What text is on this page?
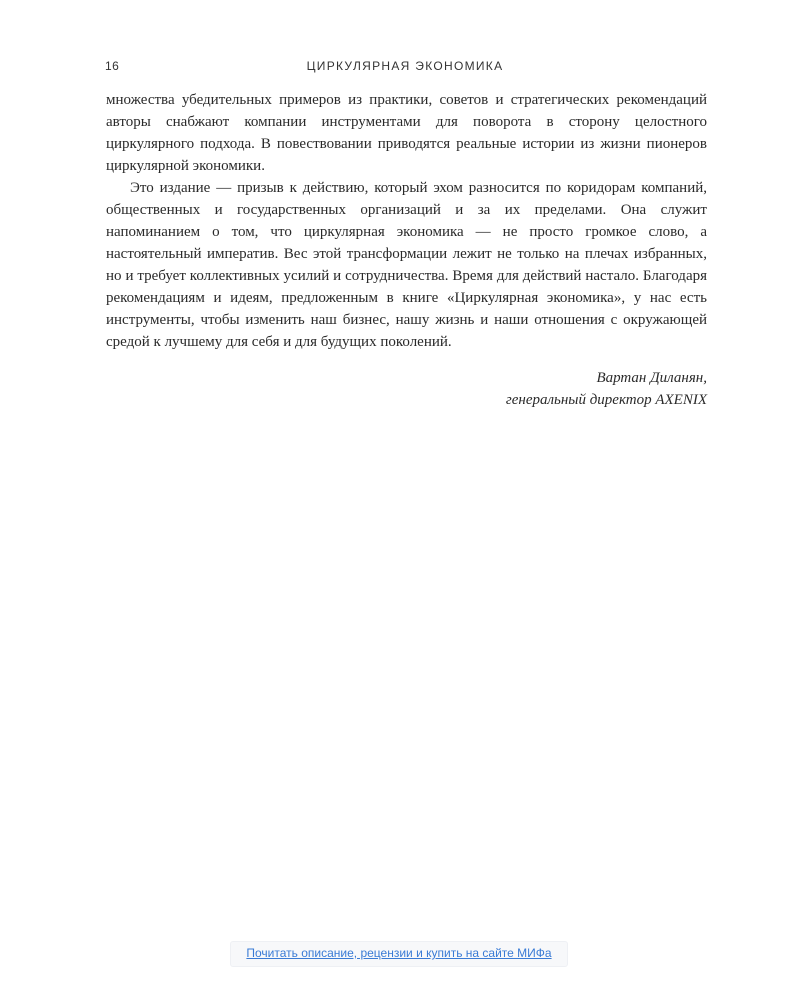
16	ЦИРКУЛЯРНАЯ ЭКОНОМИКА

множества убедительных примеров из практики, советов и стратегических рекомендаций авторы снабжают компании инструментами для поворота в сторону целостного циркулярного подхода. В повествовании приводятся реальные истории из жизни пионеров циркулярной экономики.

Это издание — призыв к действию, который эхом разносится по коридорам компаний, общественных и государственных организаций и за их пределами. Она служит напоминанием о том, что циркулярная экономика — не просто громкое слово, а настоятельный императив. Вес этой трансформации лежит не только на плечах избранных, но и требует коллективных усилий и сотрудничества. Время для действий настало. Благодаря рекомендациям и идеям, предложенным в книге «Циркулярная экономика», у нас есть инструменты, чтобы изменить наш бизнес, нашу жизнь и наши отношения с окружающей средой к лучшему для себя и для будущих поколений.

Вартан Диланян,
генеральный директор AXENIX
Почитать описание, рецензии и купить на сайте МИФа
